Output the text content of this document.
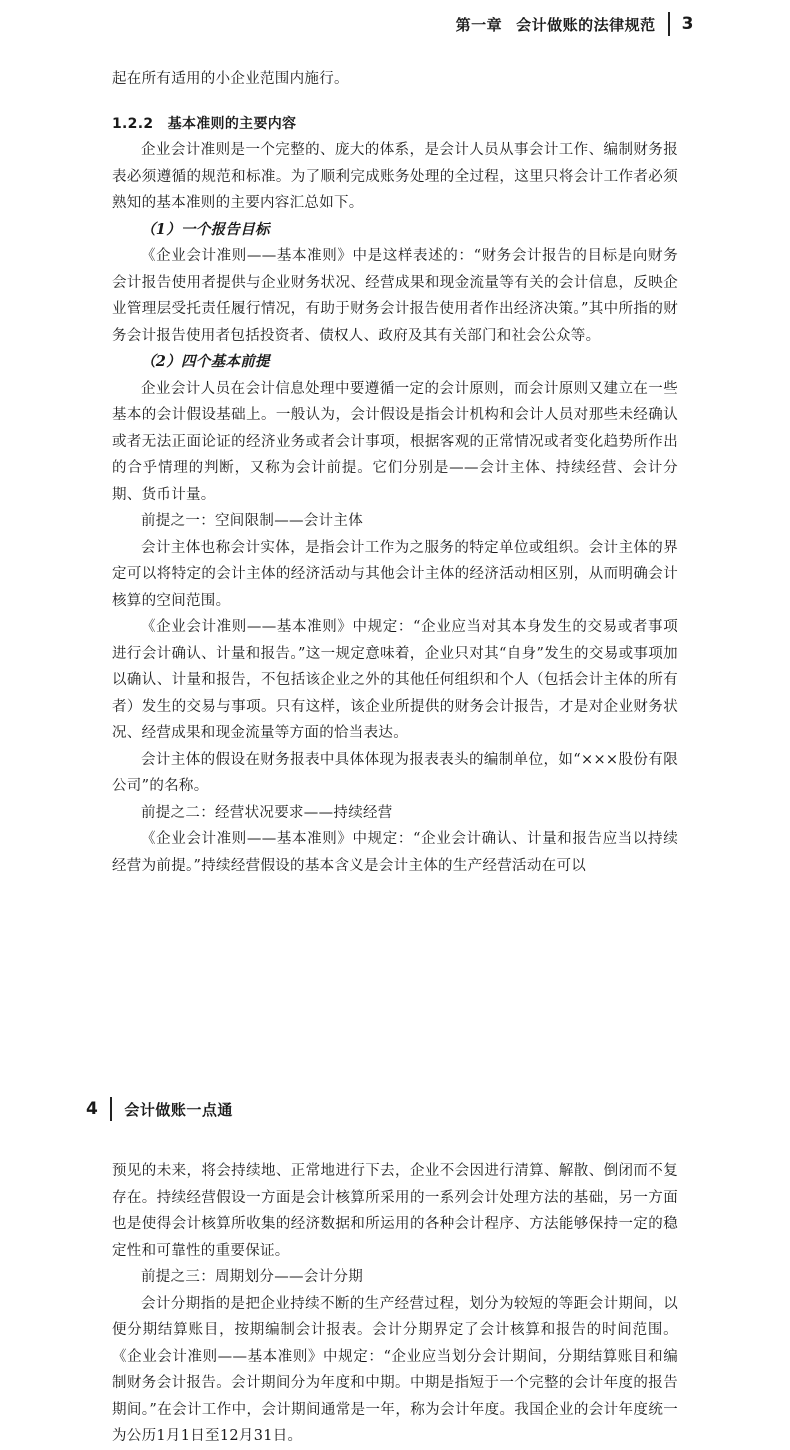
第一章 会计做账的法律规范 3

起在所有适用的小企业范围内施行。

1.2.2　基本准则的主要内容

企业会计准则是一个完整的、庞大的体系，是会计人员从事会计工作、编制财务报表必须遵循的规范和标准。为了顺利完成账务处理的全过程，这里只将会计工作者必须熟知的基本准则的主要内容汇总如下。

（1）一个报告目标

《企业会计准则——基本准则》中是这样表述的：“财务会计报告的目标是向财务会计报告使用者提供与企业财务状况、经营成果和现金流量等有关的会计信息，反映企业管理层受托责任履行情况，有助于财务会计报告使用者作出经济决策。”其中所指的财务会计报告使用者包括投资者、债权人、政府及其有关部门和社会公众等。

（2）四个基本前提

企业会计人员在会计信息处理中要遵循一定的会计原则，而会计原则又建立在一些基本的会计假设基础上。一般认为，会计假设是指会计机构和会计人员对那些未经确认或者无法正面论证的经济业务或者会计事项，根据客观的正常情况或者变化趋势所作出的合乎情理的判断，又称为会计前提。它们分别是——会计主体、持续经营、会计分期、货币计量。

前提之一：空间限制——会计主体

会计主体也称会计实体，是指会计工作为之服务的特定单位或组织。会计主体的界定可以将特定的会计主体的经济活动与其他会计主体的经济活动相区别，从而明确会计核算的空间范围。

《企业会计准则——基本准则》中规定：“企业应当对其本身发生的交易或者事项进行会计确认、计量和报告。”这一规定意味着，企业只对其“自身”发生的交易或事项加以确认、计量和报告，不包括该企业之外的其他任何组织和个人（包括会计主体的所有者）发生的交易与事项。只有这样，该企业所提供的财务会计报告，才是对企业财务状况、经营成果和现金流量等方面的恰当表达。

会计主体的假设在财务报表中具体体现为报表表头的编制单位，如“×××股份有限公司”的名称。

前提之二：经营状况要求——持续经营

《企业会计准则——基本准则》中规定：“企业会计确认、计量和报告应当以持续经营为前提。”持续经营假设的基本含义是会计主体的生产经营活动在可以

4 会计做账一点通

预见的未来，将会持续地、正常地进行下去，企业不会因进行清算、解散、倒闭而不复存在。持续经营假设一方面是会计核算所采用的一系列会计处理方法的基础，另一方面也是使得会计核算所收集的经济数据和所运用的各种会计程序、方法能够保持一定的稳定性和可靠性的重要保证。

前提之三：周期划分——会计分期

会计分期指的是把企业持续不断的生产经营过程，划分为较短的等距会计期间，以便分期结算账目，按期编制会计报表。会计分期界定了会计核算和报告的时间范围。《企业会计准则——基本准则》中规定：“企业应当划分会计期间，分期结算账目和编制财务会计报告。会计期间分为年度和中期。中期是指短于一个完整的会计年度的报告期间。”在会计工作中，会计期间通常是一年，称为会计年度。我国企业的会计年度统一为公历1月1日至12月31日。
